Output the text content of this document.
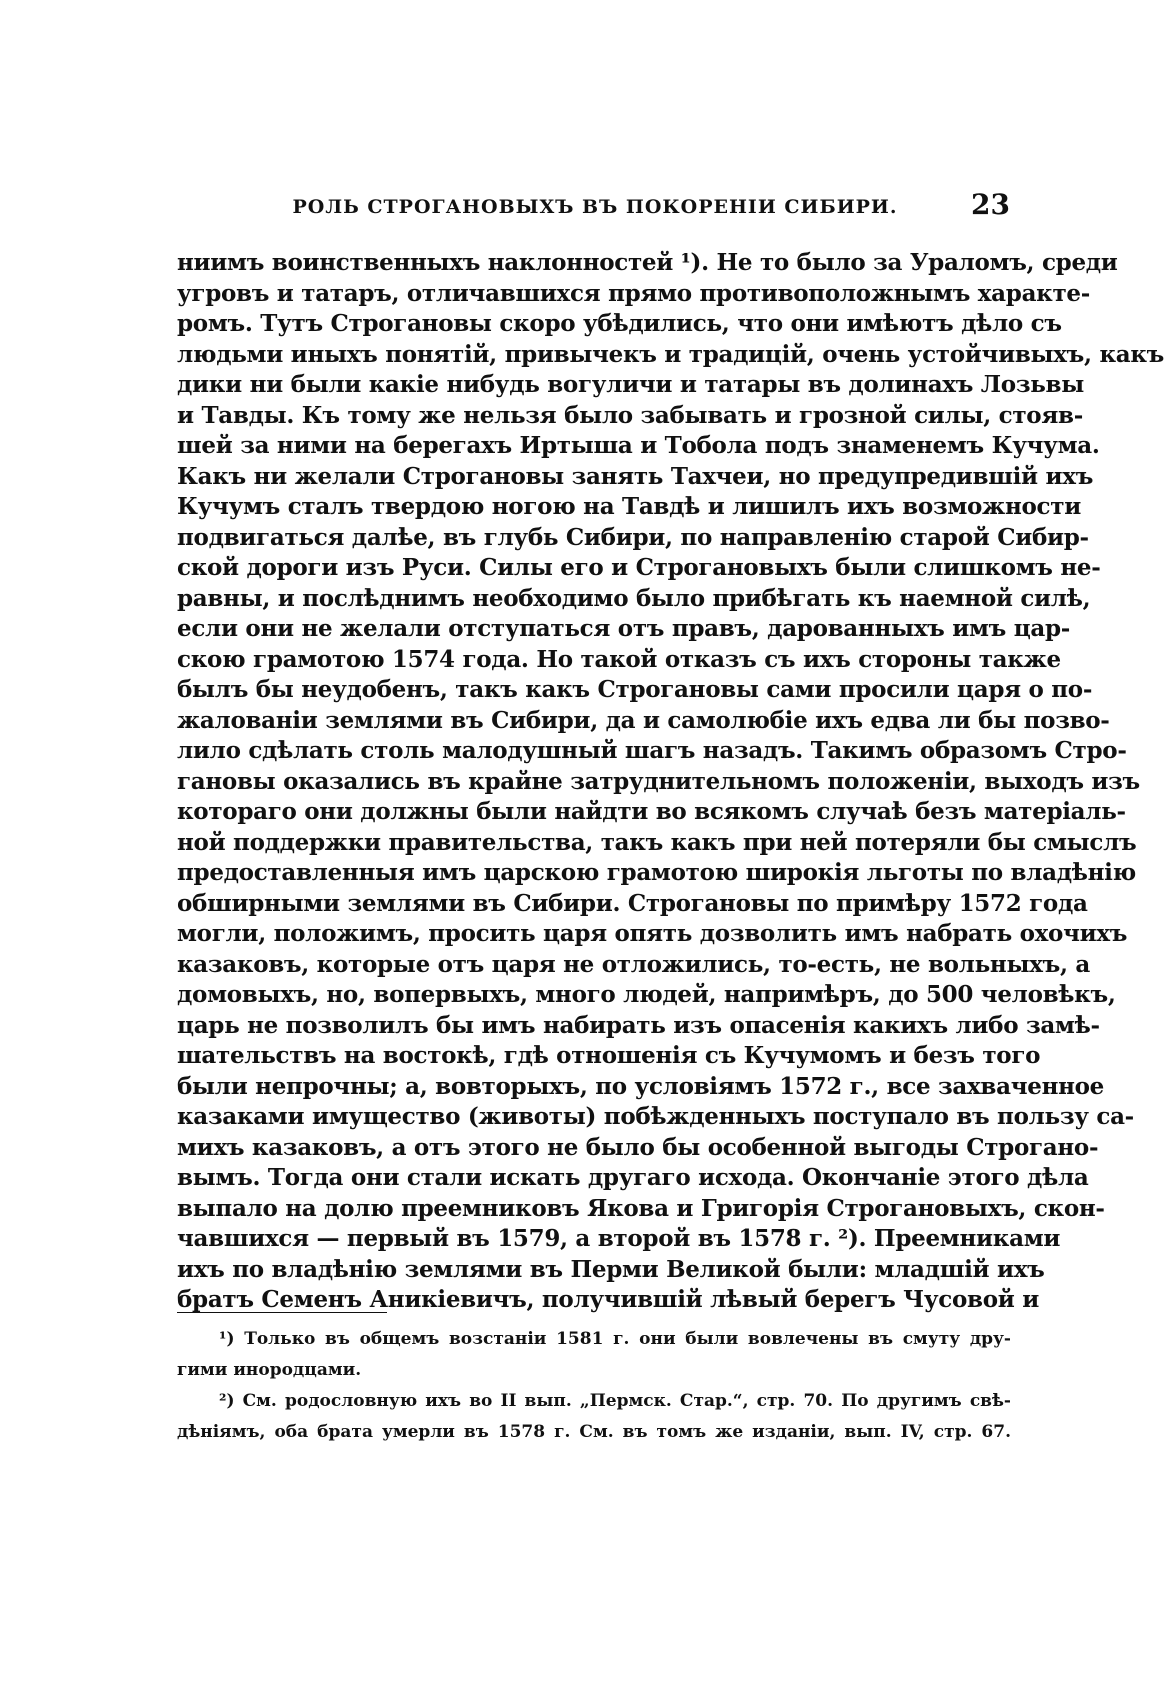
РОЛЬ СТРОГАНОВЫХЪ ВЪ ПОКОРЕНІИ СИБИРИ.	23
ниимъ воинственныхъ наклонностей ¹). Не то было за Ураломъ, среди
угровъ и татаръ, отличавшихся прямо противоположнымъ характе-
ромъ. Тутъ Строгановы скоро убѣдились, что они имѣютъ дѣло съ
людьми иныхъ понятій, привычекъ и традицій, очень устойчивыхъ, какъ
дики ни были какіе нибудь вогуличи и татары въ долинахъ Лозьвы
и Тавды. Къ тому же нельзя было забывать и грозной силы, стояв-
шей за ними на берегахъ Иртыша и Тобола подъ знаменемъ Кучума.
Какъ ни желали Строгановы занять Тахчеи, но предупредившій ихъ
Кучумъ сталъ твердою ногою на Тавдѣ и лишилъ ихъ возможности
подвигаться далѣе, въ глубь Сибири, по направленію старой Сибир-
ской дороги изъ Руси. Силы его и Строгановыхъ были слишкомъ не-
равны, и послѣднимъ необходимо было прибѣгать къ наемной силѣ,
если они не желали отступаться отъ правъ, дарованныхъ имъ цар-
скою грамотою 1574 года. Но такой отказъ съ ихъ стороны также
былъ бы неудобенъ, такъ какъ Строгановы сами просили царя о по-
жалованіи землями въ Сибири, да и самолюбіе ихъ едва ли бы позво-
лило сдѣлать столь малодушный шагъ назадъ. Такимъ образомъ Стро-
гановы оказались въ крайне затруднительномъ положеніи, выходъ изъ
котораго они должны были найдти во всякомъ случаѣ безъ матеріаль-
ной поддержки правительства, такъ какъ при ней потеряли бы смыслъ
предоставленныя имъ царскою грамотою широкія льготы по владѣнію
обширными землями въ Сибири. Строгановы по примѣру 1572 года
могли, положимъ, просить царя опять дозволить имъ набрать охочихъ
казаковъ, которые отъ царя не отложились, то-есть, не вольныхъ, а
домовыхъ, но, вопервыхъ, много людей, напримѣръ, до 500 человѣкъ,
царь не позволилъ бы имъ набирать изъ опасенія какихъ либо замѣ-
шательствъ на востокѣ, гдѣ отношенія съ Кучумомъ и безъ того
были непрочны; а, вовторыхъ, по условіямъ 1572 г., все захваченное
казаками имущество (животы) побѣжденныхъ поступало въ пользу са-
михъ казаковъ, а отъ этого не было бы особенной выгоды Строгано-
вымъ. Тогда они стали искать другаго исхода. Окончаніе этого дѣла
выпало на долю преемниковъ Якова и Григорія Строгановыхъ, скон-
чавшихся — первый въ 1579, а второй въ 1578 г. ²). Преемниками
ихъ по владѣнію землями въ Перми Великой были: младшій ихъ
братъ Семенъ Аникіевичъ, получившій лѣвый берегъ Чусовой и
¹) Только въ общемъ возстаніи 1581 г. они были вовлечены въ смуту дру-
гими инородцами.
²) См. родословную ихъ во II вып. „Пермск. Стар.“, стр. 70. По другимъ свѣ-
дѣніямъ, оба брата умерли въ 1578 г. См. въ томъ же изданіи, вып. IV, стр. 67.
